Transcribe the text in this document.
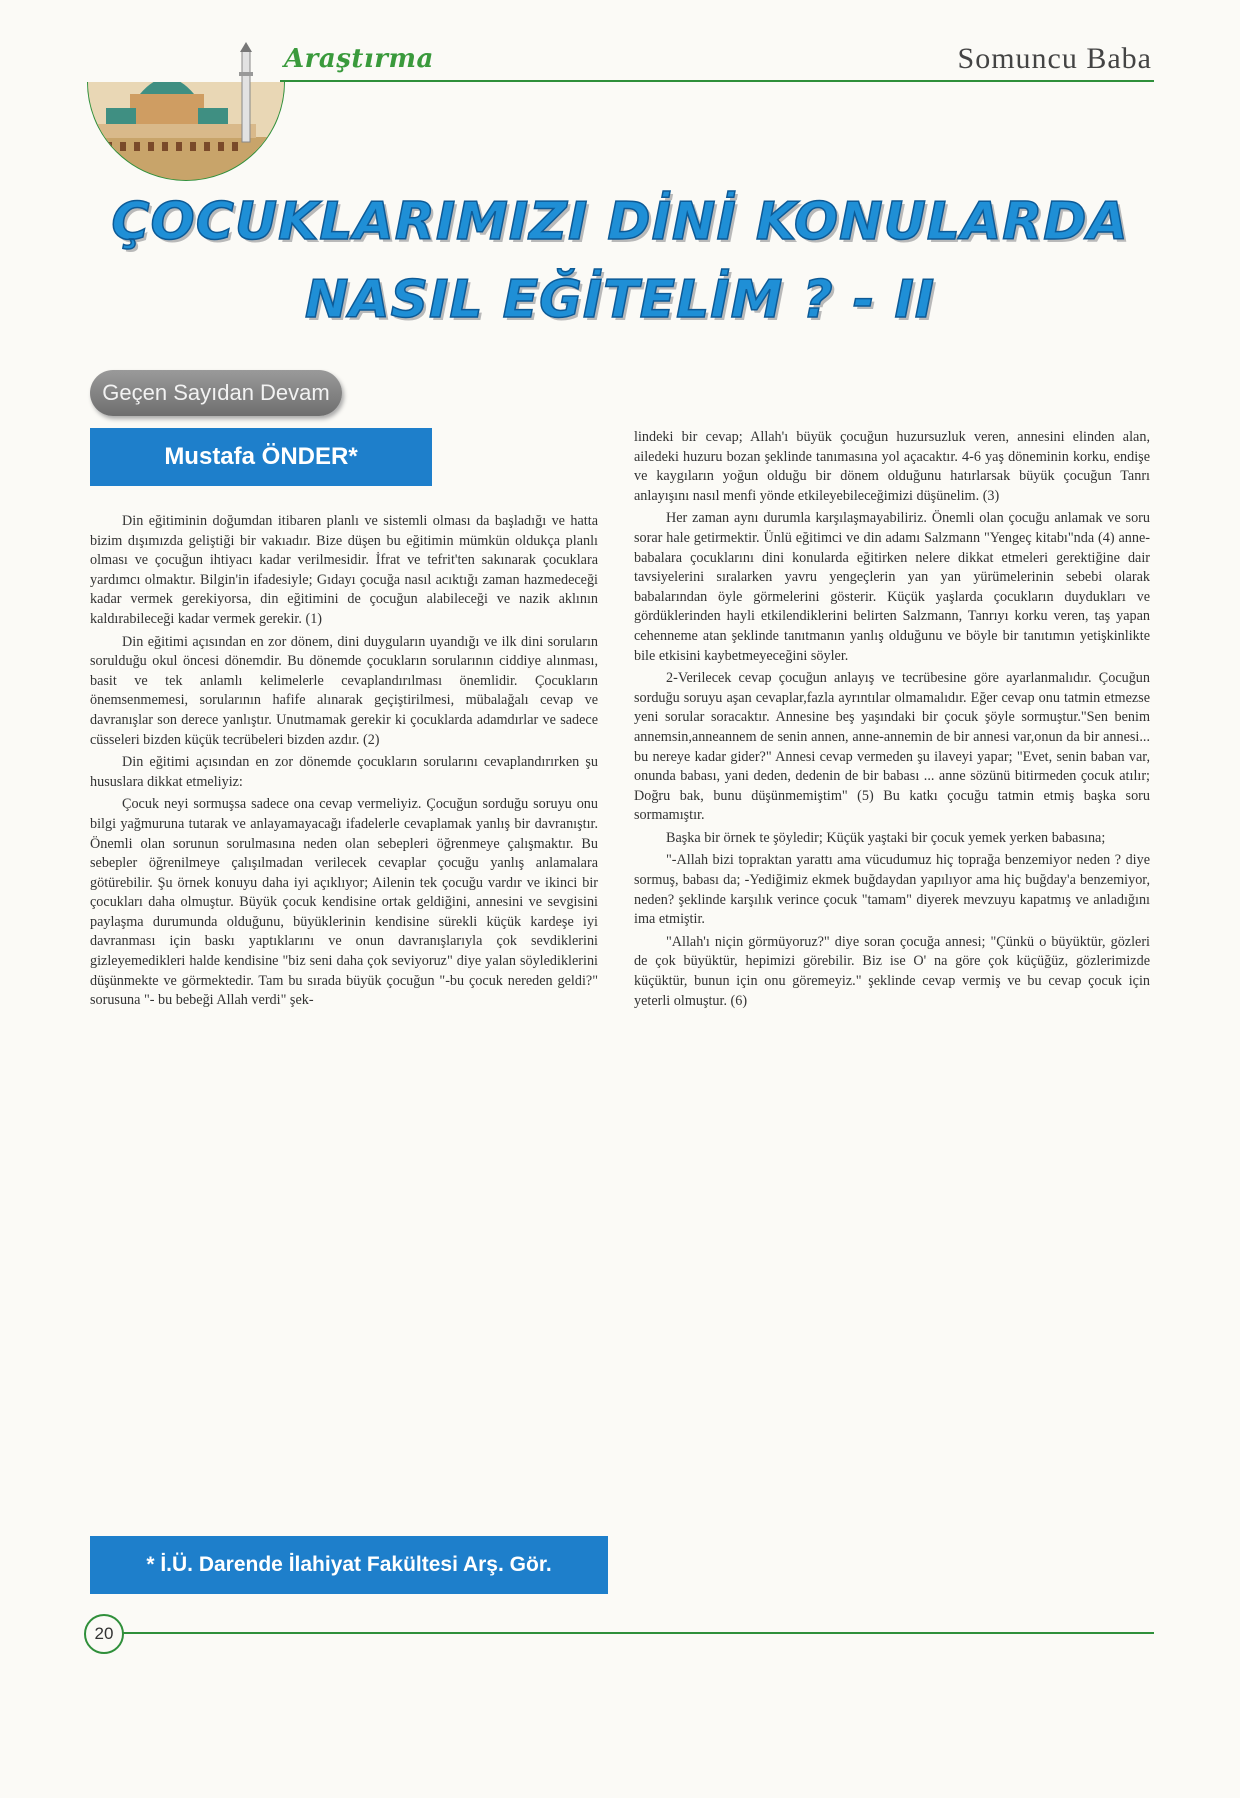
Araştırma	Somuncu Baba
ÇOCUKLARIMIZI DİNİ KONULARDA
NASIL EĞİTELİM ? - II
Geçen Sayıdan Devam
Mustafa ÖNDER*

Din eğitiminin doğumdan itibaren planlı ve sistemli olması da başladığı ve hatta bizim dışımızda geliştiği bir vakıadır. Bize düşen bu eğitimin mümkün oldukça planlı olması ve çocuğun ihtiyacı kadar verilmesidir. İfrat ve tefrit'ten sakınarak çocuklara yardımcı olmaktır. Bilgin'in ifadesiyle; Gıdayı çocuğa nasıl acıktığı zaman hazmedeceği kadar vermek gerekiyorsa, din eğitimini de çocuğun alabileceği ve nazik aklının kaldırabileceği kadar vermek gerekir. (1)

Din eğitimi açısından en zor dönem, dini duyguların uyandığı ve ilk dini soruların sorulduğu okul öncesi dönemdir. Bu dönemde çocukların sorularının ciddiye alınması, basit ve tek anlamlı kelimelerle cevaplandırılması önemlidir. Çocukların önemsenmemesi, sorularının hafife alınarak geçiştirilmesi, mübalağalı cevap ve davranışlar son derece yanlıştır. Unutmamak gerekir ki çocuklarda adamdırlar ve sadece cüsseleri bizden küçük tecrübeleri bizden azdır. (2)

Din eğitimi açısından en zor dönemde çocukların sorularını cevaplandırırken şu hususlara dikkat etmeliyiz:

Çocuk neyi sormuşsa sadece ona cevap vermeliyiz. Çocuğun sorduğu soruyu onu bilgi yağmuruna tutarak ve anlayamayacağı ifadelerle cevaplamak yanlış bir davranıştır. Önemli olan sorunun sorulmasına neden olan sebepleri öğrenmeye çalışmaktır. Bu sebepler öğrenilmeye çalışılmadan verilecek cevaplar çocuğu yanlış anlamalara götürebilir. Şu örnek konuyu daha iyi açıklıyor; Ailenin tek çocuğu vardır ve ikinci bir çocukları daha olmuştur. Büyük çocuk kendisine ortak geldiğini, annesini ve sevgisini paylaşma durumunda olduğunu, büyüklerinin kendisine sürekli küçük kardeşe iyi davranması için baskı yaptıklarını ve onun davranışlarıyla çok sevdiklerini gizleyemedikleri halde kendisine "biz seni daha çok seviyoruz" diye yalan söylediklerini düşünmekte ve görmektedir. Tam bu sırada büyük çocuğun "-bu çocuk nereden geldi?" sorusuna "- bu bebeği Allah verdi" şek-

lindeki bir cevap; Allah'ı büyük çocuğun huzursuzluk veren, annesini elinden alan, ailedeki huzuru bozan şeklinde tanımasına yol açacaktır. 4-6 yaş döneminin korku, endişe ve kaygıların yoğun olduğu bir dönem olduğunu hatırlarsak büyük çocuğun Tanrı anlayışını nasıl menfi yönde etkileyebileceğimizi düşünelim. (3)

Her zaman aynı durumla karşılaşmayabiliriz. Önemli olan çocuğu anlamak ve soru sorar hale getirmektir. Ünlü eğitimci ve din adamı Salzmann "Yengeç kitabı"nda (4) anne-babalara çocuklarını dini konularda eğitirken nelere dikkat etmeleri gerektiğine dair tavsiyelerini sıralarken yavru yengeçlerin yan yan yürümelerinin sebebi olarak babalarından öyle görmelerini gösterir. Küçük yaşlarda çocukların duydukları ve gördüklerinden hayli etkilendiklerini belirten Salzmann, Tanrıyı korku veren, taş yapan cehenneme atan şeklinde tanıtmanın yanlış olduğunu ve böyle bir tanıtımın yetişkinlikte bile etkisini kaybetmeyeceğini söyler.

2-Verilecek cevap çocuğun anlayış ve tecrübesine göre ayarlanmalıdır. Çocuğun sorduğu soruyu aşan cevaplar,fazla ayrıntılar olmamalıdır. Eğer cevap onu tatmin etmezse yeni sorular soracaktır. Annesine beş yaşındaki bir çocuk şöyle sormuştur."Sen benim annemsin,anneannem de senin annen, anne-annemin de bir annesi var,onun da bir annesi... bu nereye kadar gider?" Annesi cevap vermeden şu ilaveyi yapar; "Evet, senin baban var, onunda babası, yani deden, dedenin de bir babası ... anne sözünü bitirmeden çocuk atılır; Doğru bak, bunu düşünmemiştim" (5) Bu katkı çocuğu tatmin etmiş başka soru sormamıştır.

Başka bir örnek te şöyledir; Küçük yaştaki bir çocuk yemek yerken babasına;

"-Allah bizi topraktan yarattı ama vücudumuz hiç toprağa benzemiyor neden ? diye sormuş, babası da; -Yediğimiz ekmek buğdaydan yapılıyor ama hiç buğday'a benzemiyor, neden? şeklinde karşılık verince çocuk "tamam" diyerek mevzuyu kapatmış ve anladığını ima etmiştir.

"Allah'ı niçin görmüyoruz?" diye soran çocuğa annesi; "Çünkü o büyüktür, gözleri de çok büyüktür, hepimizi görebilir. Biz ise O' na göre çok küçüğüz, gözlerimizde küçüktür, bunun için onu göremeyiz." şeklinde cevap vermiş ve bu cevap çocuk için yeterli olmuştur. (6)

* İ.Ü. Darende İlahiyat Fakültesi Arş. Gör.
20
